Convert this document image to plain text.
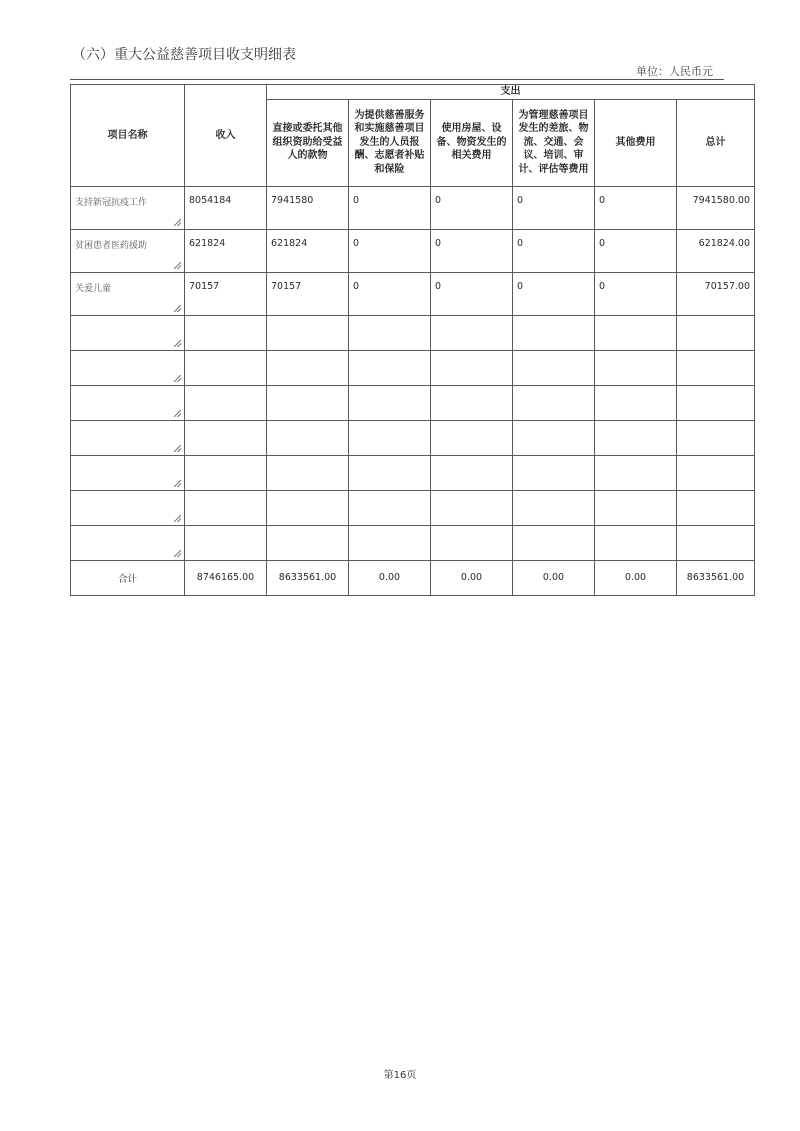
（六）重大公益慈善项目收支明细表
单位：人民币元
项目名称	收入	支出					
		直接或委托其他组织资助给受益人的款物	为提供慈善服务和实施慈善项目发生的人员报酬、志愿者补贴和保险	使用房屋、设备、物资发生的相关费用	为管理慈善项目发生的差旅、物流、交通、会议、培训、审计、评估等费用	其他费用	总计
支持新冠抗疫工作	8054184	7941580	0	0	0	0	7941580.00
贫困患者医药援助	621824	621824	0	0	0	0	621824.00
关爱儿童	70157	70157	0	0	0	0	70157.00

合计	8746165.00	8633561.00	0.00	0.00	0.00	0.00	8633561.00
第16页
